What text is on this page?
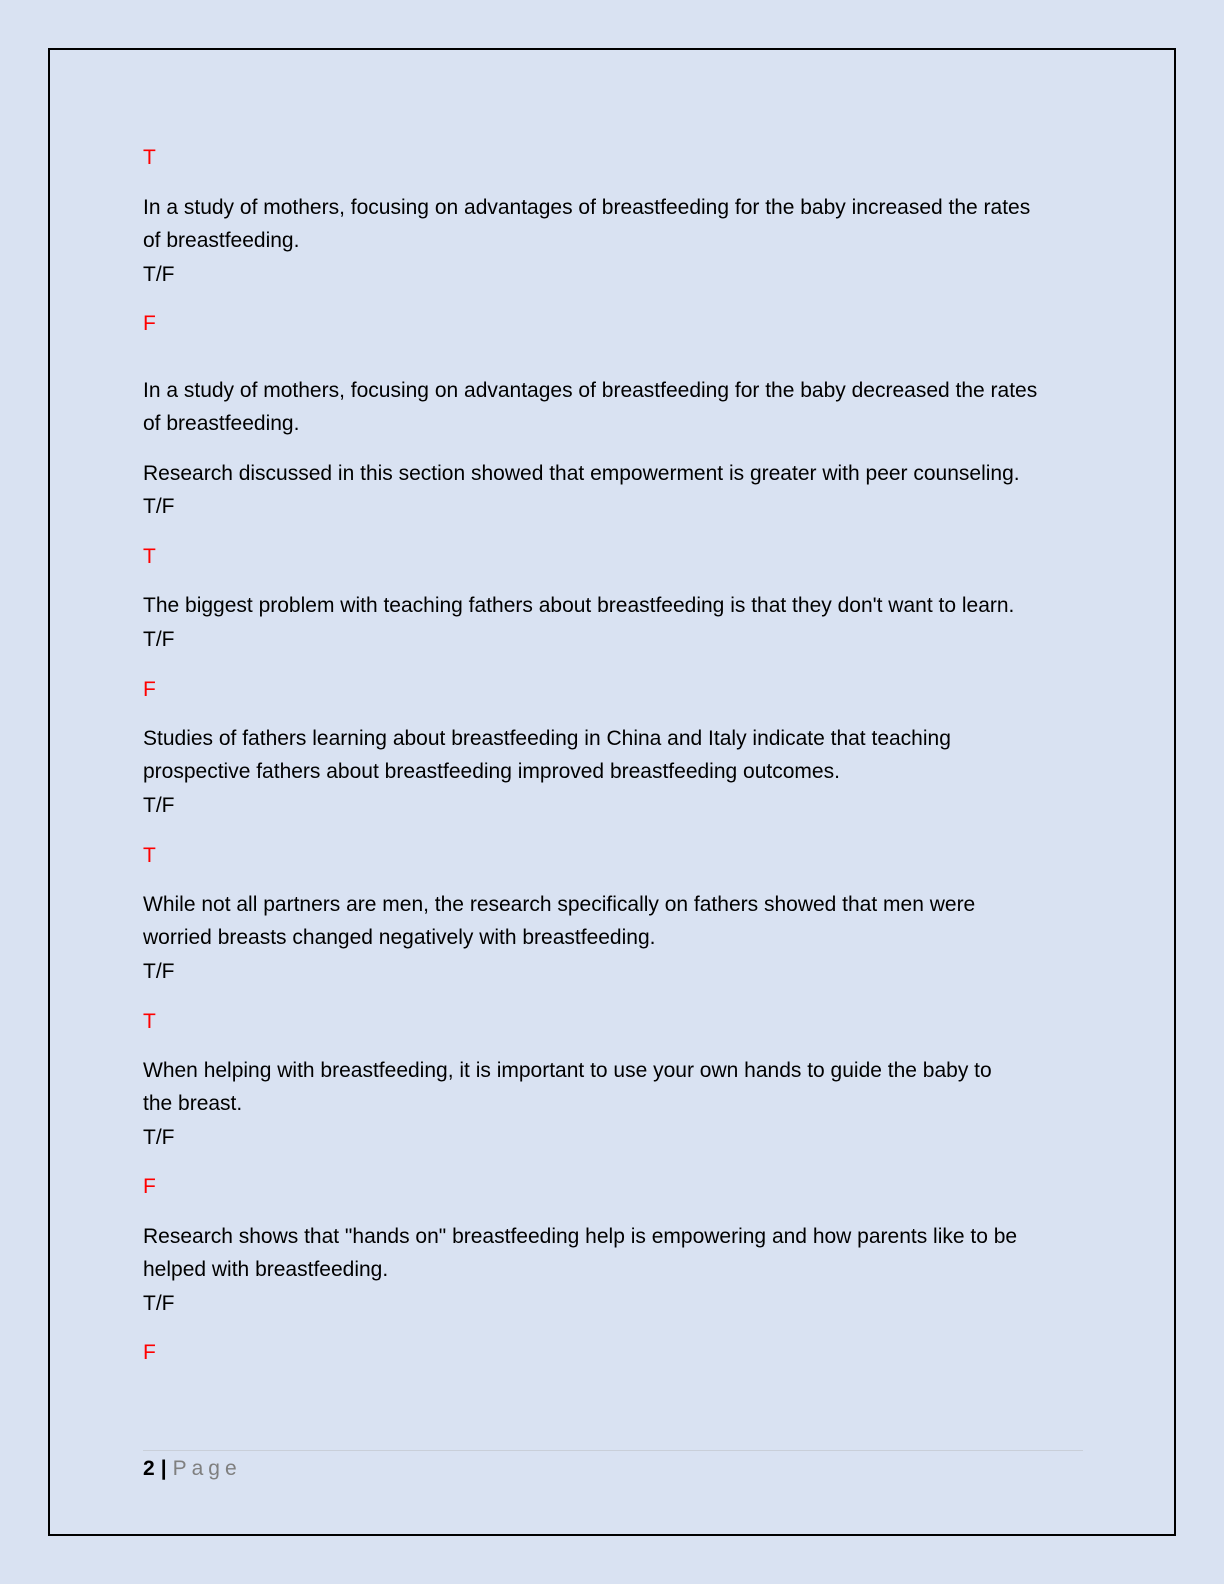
T
In a study of mothers, focusing on advantages of breastfeeding for the baby increased the rates
of breastfeeding.
T/F
F
In a study of mothers, focusing on advantages of breastfeeding for the baby decreased the rates
of breastfeeding.
Research discussed in this section showed that empowerment is greater with peer counseling.
T/F
T
The biggest problem with teaching fathers about breastfeeding is that they don't want to learn.
T/F
F
Studies of fathers learning about breastfeeding in China and Italy indicate that teaching
prospective fathers about breastfeeding improved breastfeeding outcomes.
T/F
T
While not all partners are men, the research specifically on fathers showed that men were
worried breasts changed negatively with breastfeeding.
T/F
T
When helping with breastfeeding, it is important to use your own hands to guide the baby to
the breast.
T/F
F
Research shows that "hands on" breastfeeding help is empowering and how parents like to be
helped with breastfeeding.
T/F
F
2 | Page
